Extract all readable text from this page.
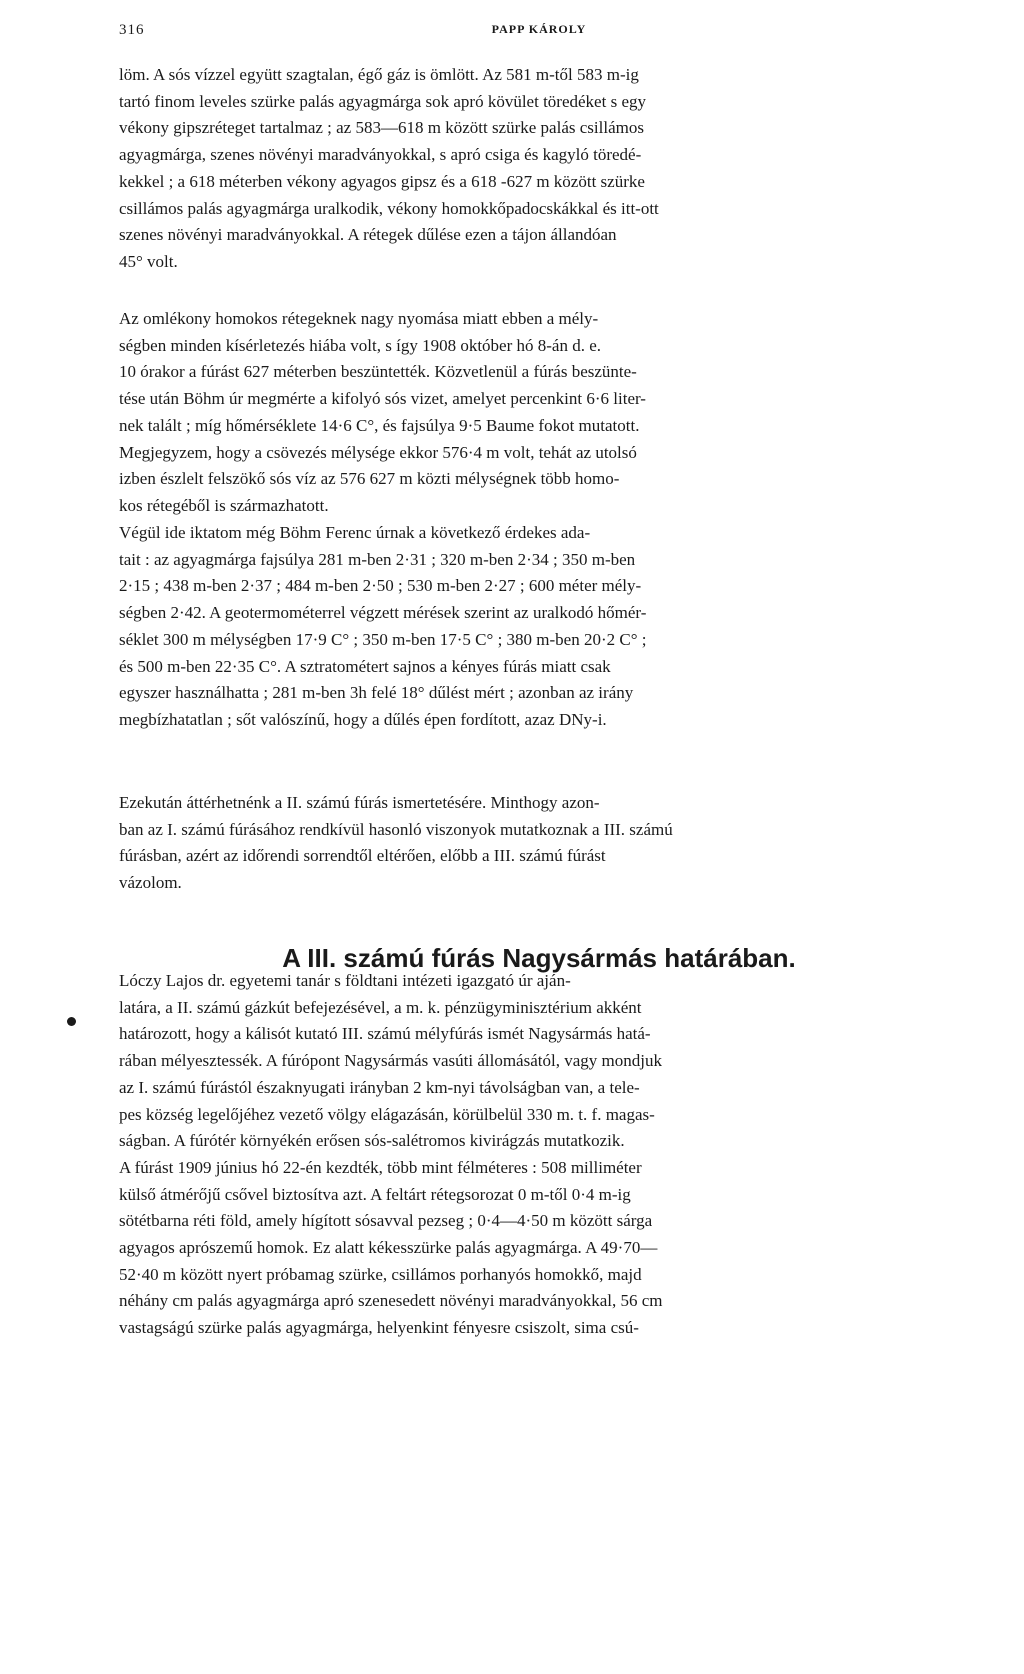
316	PAPP KÁROLY

löm. A sós vízzel együtt szagtalan, égő gáz is ömlött. Az 581 m-től 583 m-ig
tartó finom leveles szürke palás agyagmárga sok apró kövület töredéket s egy
vékony gipszréteget tartalmaz ; az 583—618 m között szürke palás csillámos
agyagmárga, szenes növényi maradványokkal, s apró csiga és kagyló töredé-
kekkel ; a 618 méterben vékony agyagos gipsz és a 618 -627 m között szürke
csillámos palás agyagmárga uralkodik, vékony homokkőpadocskákkal és itt-ott
szenes növényi maradványokkal. A rétegek dűlése ezen a tájon állandóan
45° volt.

Az omlékony homokos rétegeknek nagy nyomása miatt ebben a mély-
ségben minden kísérletezés hiába volt, s így 1908 október hó 8-án d. e.
10 órakor a fúrást 627 méterben beszüntették. Közvetlenül a fúrás beszünte-
tése után Böhm úr megmérte a kifolyó sós vizet, amelyet percenkint 6·6 liter-
nek talált ; míg hőmérséklete 14·6 C°, és fajsúlya 9·5 Baume fokot mutatott.
Megjegyzem, hogy a csövezés mélysége ekkor 576·4 m volt, tehát az utolsó
izben észlelt felszökő sós víz az 576 627 m közti mélységnek több homo-
kos rétegéből is származhatott.

Végül ide iktatom még Böhm Ferenc úrnak a következő érdekes ada-
tait : az agyagmárga fajsúlya 281 m-ben 2·31 ; 320 m-ben 2·34 ; 350 m-ben
2·15 ; 438 m-ben 2·37 ; 484 m-ben 2·50 ; 530 m-ben 2·27 ; 600 méter mély-
ségben 2·42. A geotermométerrel végzett mérések szerint az uralkodó hőmér-
séklet 300 m mélységben 17·9 C° ; 350 m-ben 17·5 C° ; 380 m-ben 20·2 C° ;
és 500 m-ben 22·35 C°. A sztratométert sajnos a kényes fúrás miatt csak
egyszer használhatta ; 281 m-ben 3h felé 18° dűlést mért ; azonban az irány
megbízhatatlan ; sőt valószínű, hogy a dűlés épen fordított, azaz DNy-i.

Ezekután áttérhetnénk a II. számú fúrás ismertetésére. Minthogy azon-
ban az I. számú fúrásához rendkívül hasonló viszonyok mutatkoznak a III. számú
fúrásban, azért az időrendi sorrendtől eltérően, előbb a III. számú fúrást
vázolom.

A III. számú fúrás Nagysármás határában.

Lóczy Lajos dr. egyetemi tanár s földtani intézeti igazgató úr aján-
latára, a II. számú gázkút befejezésével, a m. k. pénzügyminisztérium akként
határozott, hogy a kálisót kutató III. számú mélyfúrás ismét Nagysármás hatá-
rában mélyesztessék. A fúrópont Nagysármás vasúti állomásától, vagy mondjuk
az I. számú fúrástól északnyugati irányban 2 km-nyi távolságban van, a tele-
pes község legelőjéhez vezető völgy elágazásán, körülbelül 330 m. t. f. magas-
ságban. A fúrótér környékén erősen sós-salétromos kivirágzás mutatkozik.
A fúrást 1909 június hó 22-én kezdték, több mint félméteres : 508 milliméter
külső átmérőjű csővel biztosítva azt. A feltárt rétegsorozat 0 m-től 0·4 m-ig
sötétbarna réti föld, amely hígított sósavval pezseg ; 0·4—4·50 m között sárga
agyagos aprószemű homok. Ez alatt kékesszürke palás agyagmárga. A 49·70—
52·40 m között nyert próbamag szürke, csillámos porhanyós homokkő, majd
néhány cm palás agyagmárga apró szenesedett növényi maradványokkal, 56 cm
vastagságú szürke palás agyagmárga, helyenkint fényesre csiszolt, sima csú-
